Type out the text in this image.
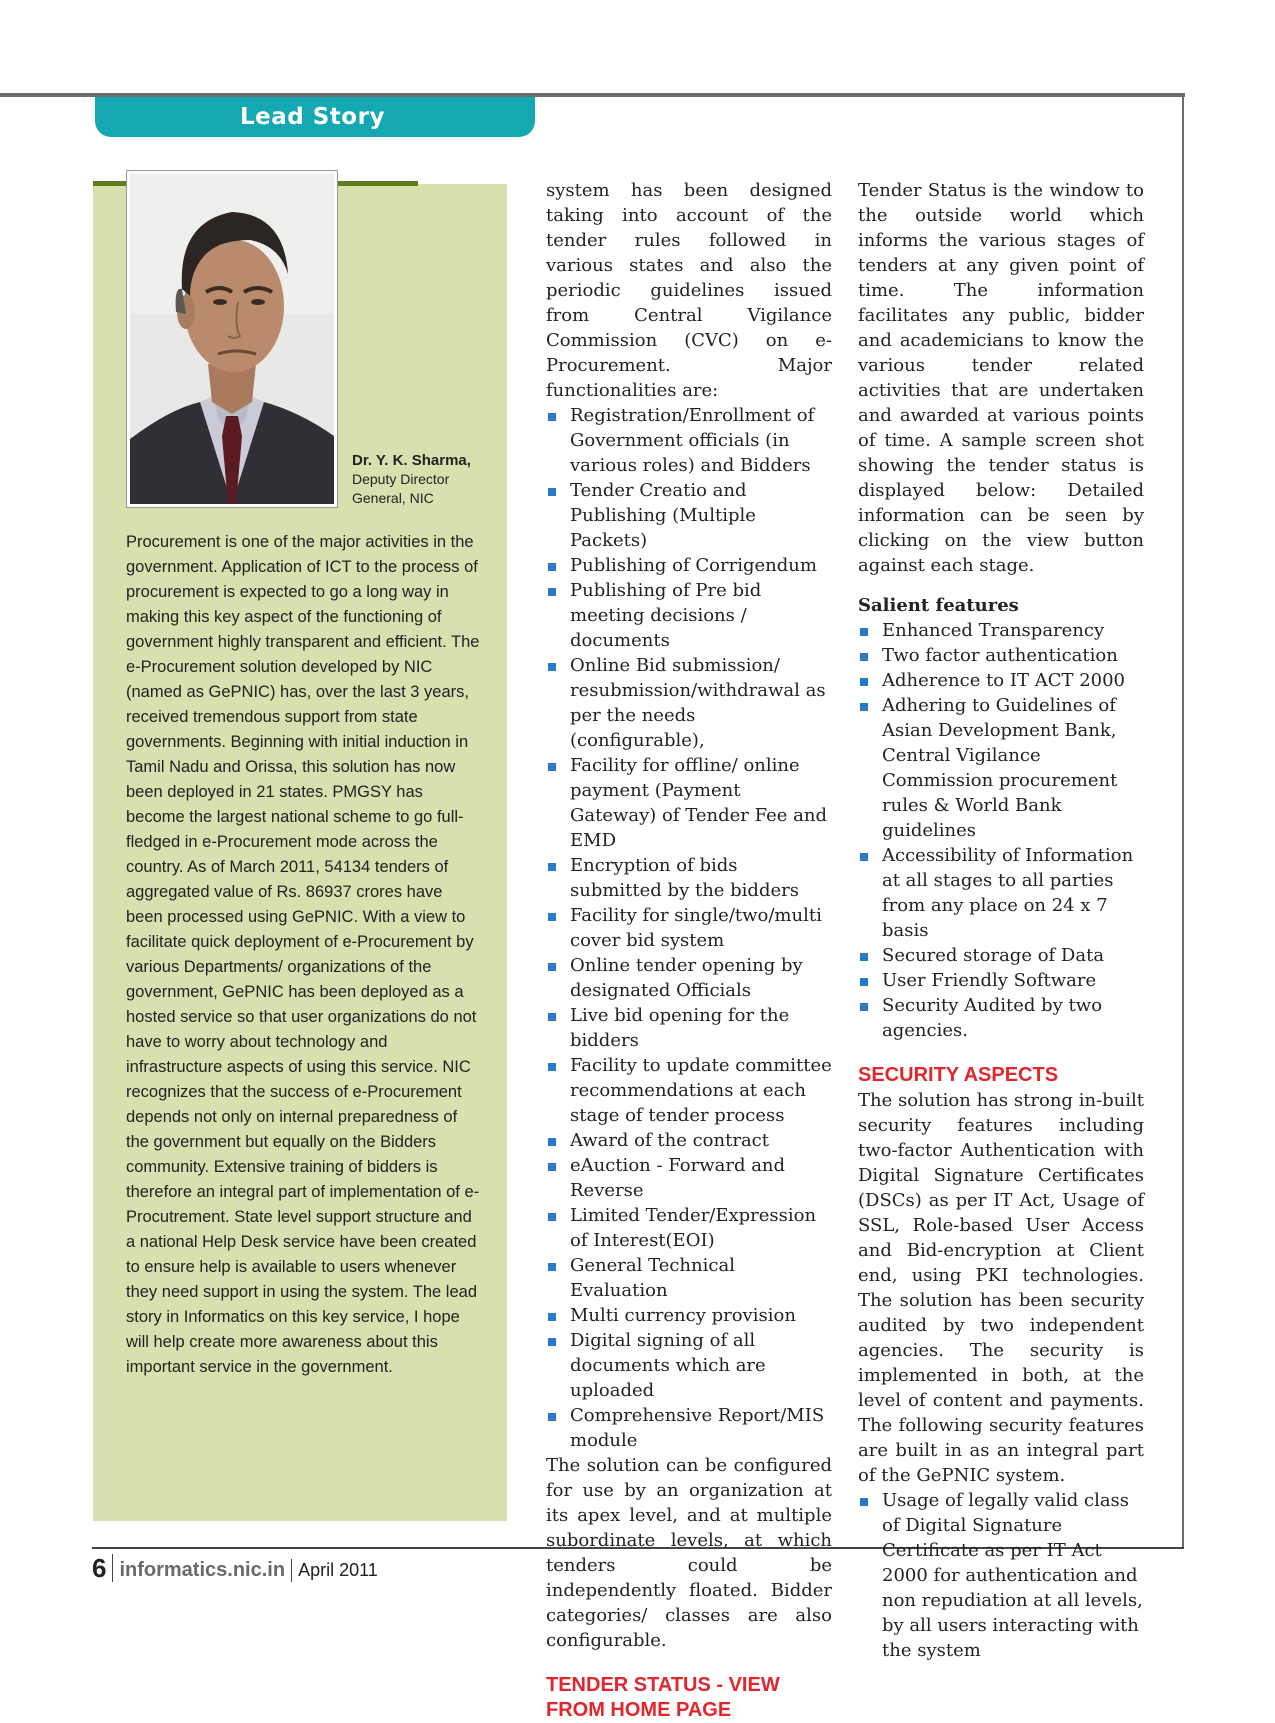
Lead Story
Dr. Y. K. Sharma,
Deputy Director
General, NIC

Procurement is one of the major activities in the government. Application of ICT to the process of procurement is expected to go a long way in making this key aspect of the functioning of government highly transparent and efficient. The e-Procurement solution developed by NIC (named as GePNIC) has, over the last 3 years, received tremendous support from state governments. Beginning with initial induction in Tamil Nadu and Orissa, this solution has now been deployed in 21 states. PMGSY has become the largest national scheme to go full-fledged in e-Procurement mode across the country. As of March 2011, 54134 tenders of aggregated value of Rs. 86937 crores have been processed using GePNIC. With a view to facilitate quick deployment of e-Procurement by various Departments/ organizations of the government, GePNIC has been deployed as a hosted service so that user organizations do not have to worry about technology and infrastructure aspects of using this service. NIC recognizes that the success of e-Procurement depends not only on internal preparedness of the government but equally on the Bidders community. Extensive training of bidders is therefore an integral part of implementation of e-Procutrement. State level support structure and a national Help Desk service have been created to ensure help is available to users whenever they need support in using the system. The lead story in Informatics on this key service, I hope will help create more awareness about this important service in the government.

system has been designed taking into account of the tender rules followed in various states and also the periodic guidelines issued from Central Vigilance Commission (CVC) on e-Procurement. Major functionalities are:

Registration/Enrollment of Government officials (in various roles) and Bidders
Tender Creatio and Publishing (Multiple Packets)
Publishing of Corrigendum
Publishing of Pre bid meeting decisions / documents
Online Bid submission/ resubmission/withdrawal as per the needs (configurable),
Facility for offline/ online payment (Payment Gateway) of Tender Fee and EMD
Encryption of bids submitted by the bidders
Facility for single/two/multi cover bid system
Online tender opening by designated Officials
Live bid opening for the bidders
Facility to update committee recommendations at each stage of tender process
Award of the contract
eAuction - Forward and Reverse
Limited Tender/Expression of Interest(EOI)
General Technical Evaluation
Multi currency provision
Digital signing of all documents which are uploaded
Comprehensive Report/MIS module

The solution can be configured for use by an organization at its apex level, and at multiple subordinate levels, at which tenders could be independently floated. Bidder categories/ classes are also configurable.

TENDER STATUS - VIEW

FROM HOME PAGE

Tender Status is the window to the outside world which informs the various stages of tenders at any given point of time. The information facilitates any public, bidder and academicians to know the various tender related activities that are undertaken and awarded at various points of time. A sample screen shot showing the tender status is displayed below: Detailed information can be seen by clicking on the view button against each stage.

Salient features

Enhanced Transparency
Two factor authentication
Adherence to IT ACT 2000
Adhering to Guidelines of Asian Development Bank, Central Vigilance Commission procurement rules & World Bank guidelines
Accessibility of Information at all stages to all parties from any place on 24 x 7 basis
Secured storage of Data
User Friendly Software
Security Audited by two agencies.

SECURITY ASPECTS

The solution has strong in-built security features including two-factor Authentication with Digital Signature Certificates (DSCs) as per IT Act, Usage of SSL, Role-based User Access and Bid-encryption at Client end, using PKI technologies. The solution has been security audited by two independent agencies. The security is implemented in both, at the level of content and payments. The following security features are built in as an integral part of the GePNIC system.

Usage of legally valid class of Digital Signature Certificate as per IT Act 2000 for authentication and non repudiation at all levels, by all users interacting with the system
6 informatics.nic.in April 2011
